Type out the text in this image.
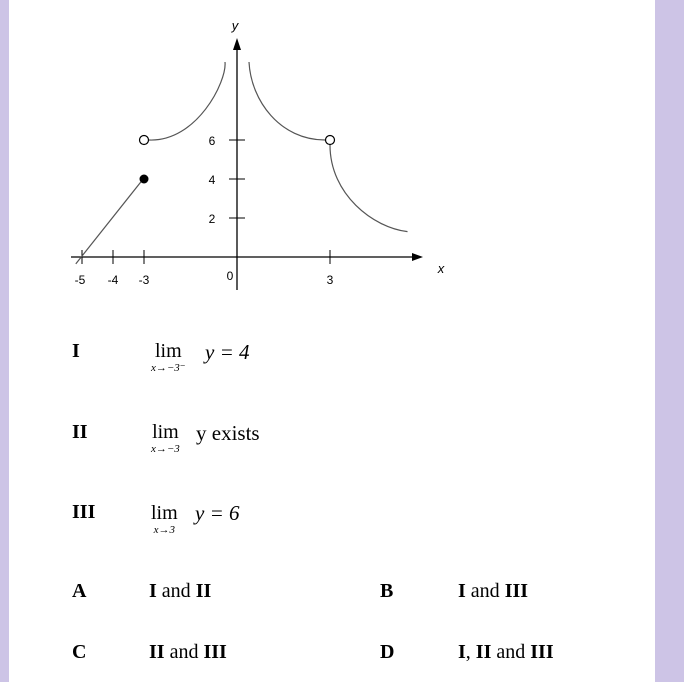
x
y
0
-5 -4 -3	3
2
4
6
I	lim
x→−3⁻
y = 4
II	lim
x→−3
y exists
III	lim
x→3
y = 6
A	I and II	B	I and III
C	II and III	D	I, II and III
